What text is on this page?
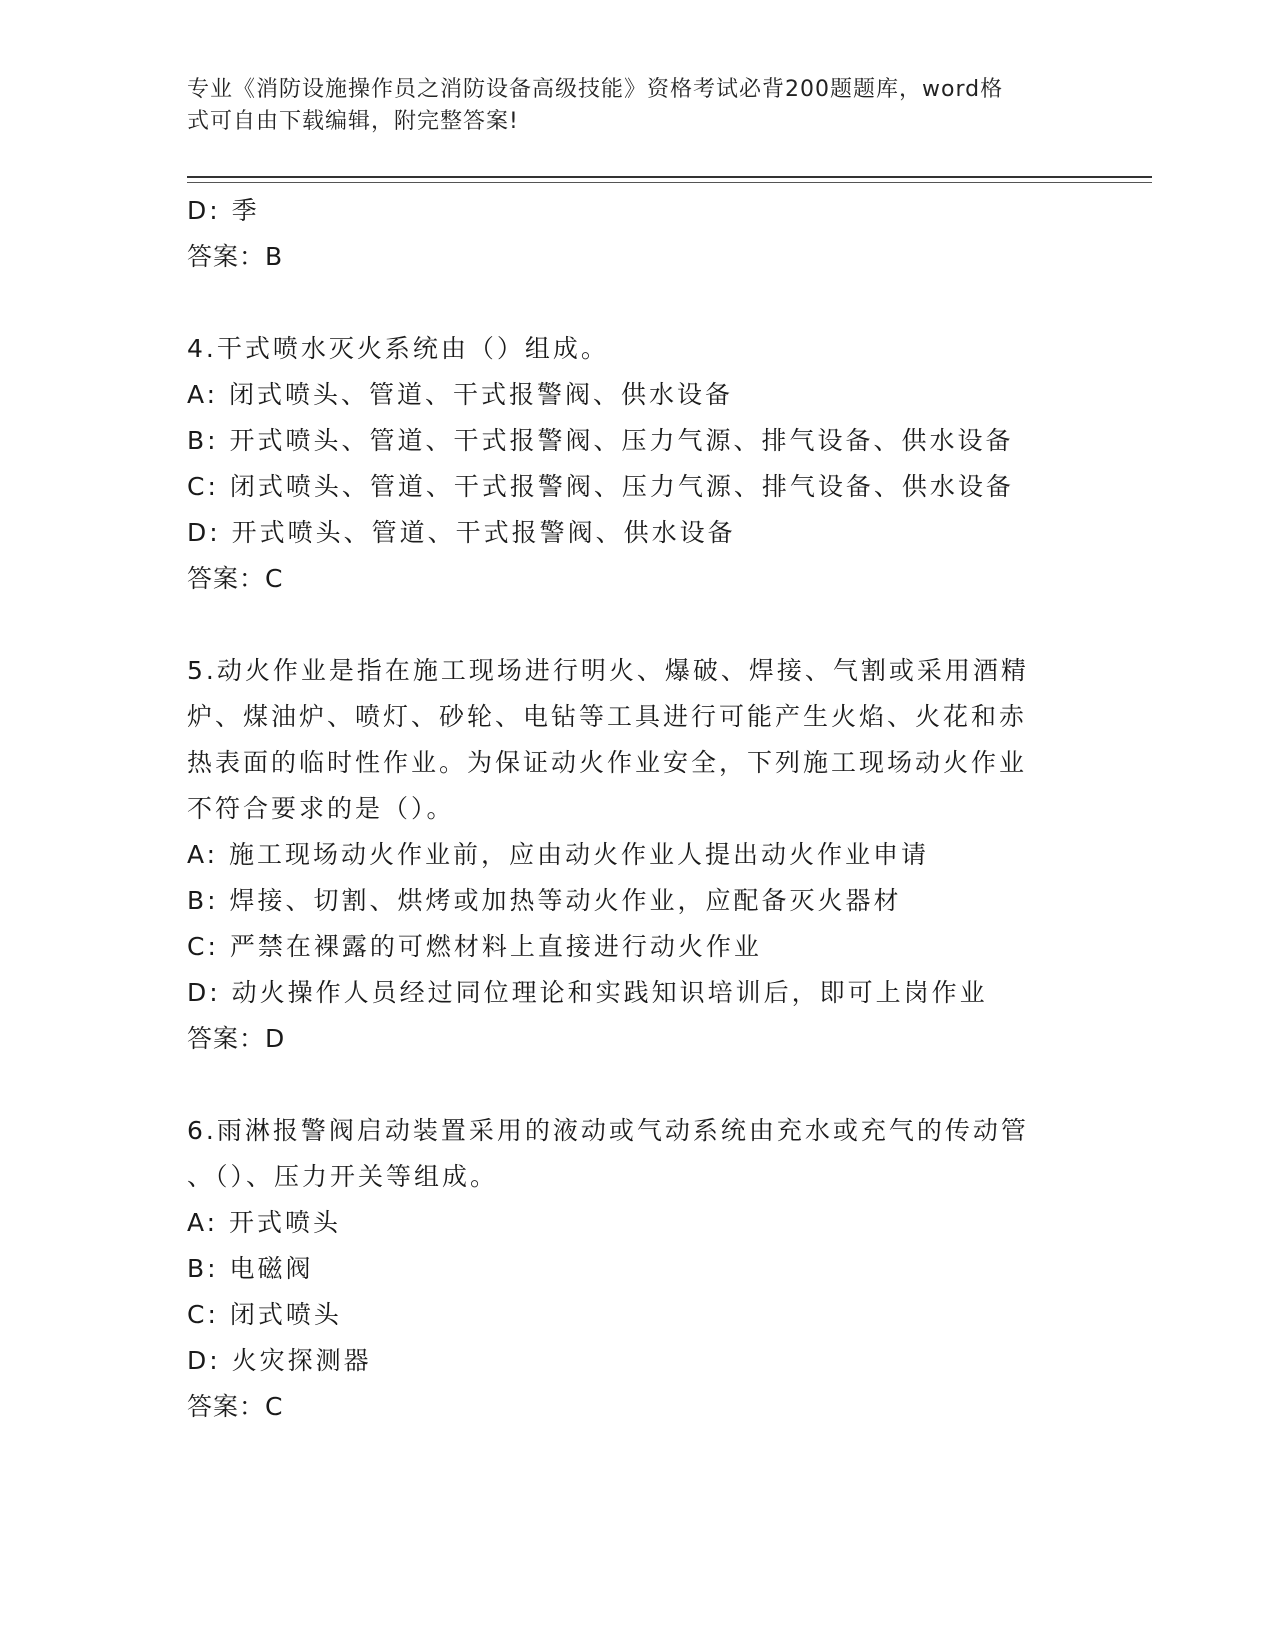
专业《消防设施操作员之消防设备高级技能》资格考试必背200题题库，word格
式可自由下载编辑，附完整答案!
D: 季
答案：B
4.干式喷水灭火系统由（）组成。
A: 闭式喷头、管道、干式报警阀、供水设备
B: 开式喷头、管道、干式报警阀、压力气源、排气设备、供水设备
C: 闭式喷头、管道、干式报警阀、压力气源、排气设备、供水设备
D: 开式喷头、管道、干式报警阀、供水设备
答案：C
5.动火作业是指在施工现场进行明火、爆破、焊接、气割或采用酒精
炉、煤油炉、喷灯、砂轮、电钻等工具进行可能产生火焰、火花和赤
热表面的临时性作业。为保证动火作业安全，下列施工现场动火作业
不符合要求的是（）。
A: 施工现场动火作业前，应由动火作业人提出动火作业申请
B: 焊接、切割、烘烤或加热等动火作业，应配备灭火器材
C: 严禁在裸露的可燃材料上直接进行动火作业
D: 动火操作人员经过同位理论和实践知识培训后，即可上岗作业
答案：D
6.雨淋报警阀启动装置采用的液动或气动系统由充水或充气的传动管
、（）、压力开关等组成。
A: 开式喷头
B: 电磁阀
C: 闭式喷头
D: 火灾探测器
答案：C
